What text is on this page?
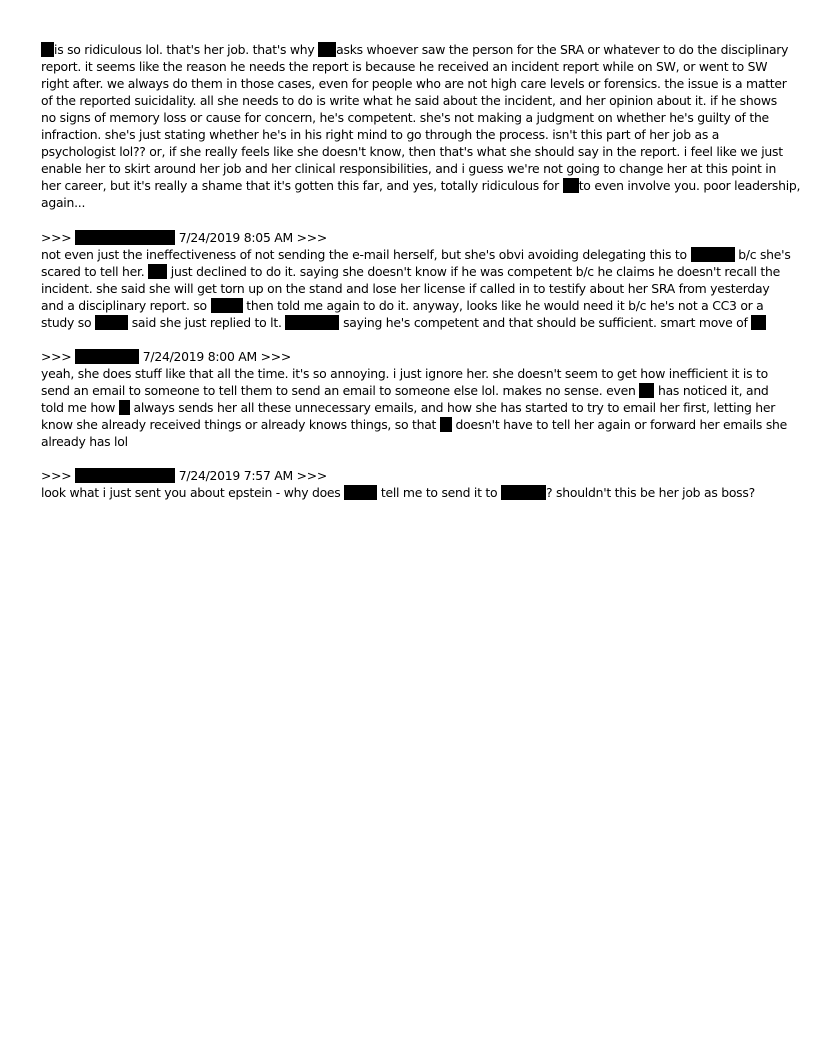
is so ridiculous lol. that's her job. that's why asks whoever saw the person for the SRA or whatever to do the disciplinary
report. it seems like the reason he needs the report is because he received an incident report while on SW, or went to SW
right after. we always do them in those cases, even for people who are not high care levels or forensics. the issue is a matter
of the reported suicidality. all she needs to do is write what he said about the incident, and her opinion about it. if he shows
no signs of memory loss or cause for concern, he's competent. she's not making a judgment on whether he's guilty of the
infraction. she's just stating whether he's in his right mind to go through the process. isn't this part of her job as a
psychologist lol?? or, if she really feels like she doesn't know, then that's what she should say in the report. i feel like we just
enable her to skirt around her job and her clinical responsibilities, and i guess we're not going to change her at this point in
her career, but it's really a shame that it's gotten this far, and yes, totally ridiculous for to even involve you. poor leadership,
again...
>>>	7/24/2019 8:05 AM >>>
not even just the ineffectiveness of not sending the e-mail herself, but she's obvi avoiding delegating this to	b/c she's
scared to tell her.  just declined to do it. saying she doesn't know if he was competent b/c he claims he doesn't recall the
incident. she said she will get torn up on the stand and lose her license if called in to testify about her SRA from yesterday
and a disciplinary report. so	then told me again to do it. anyway, looks like he would need it b/c he's not a CC3 or a
study so	said she just replied to lt.	saying he's competent and that should be sufficient. smart move of
>>>	7/24/2019 8:00 AM >>>
yeah, she does stuff like that all the time. it's so annoying. i just ignore her. she doesn't seem to get how inefficient it is to
send an email to someone to tell them to send an email to someone else lol. makes no sense. even  has noticed it, and
told me how  always sends her all these unnecessary emails, and how she has started to try to email her first, letting her
know she already received things or already knows things, so that  doesn't have to tell her again or forward her emails she
already has lol
>>>	7/24/2019 7:57 AM >>>
look what i just sent you about epstein - why does	tell me to send it to	? shouldn't this be her job as boss?
